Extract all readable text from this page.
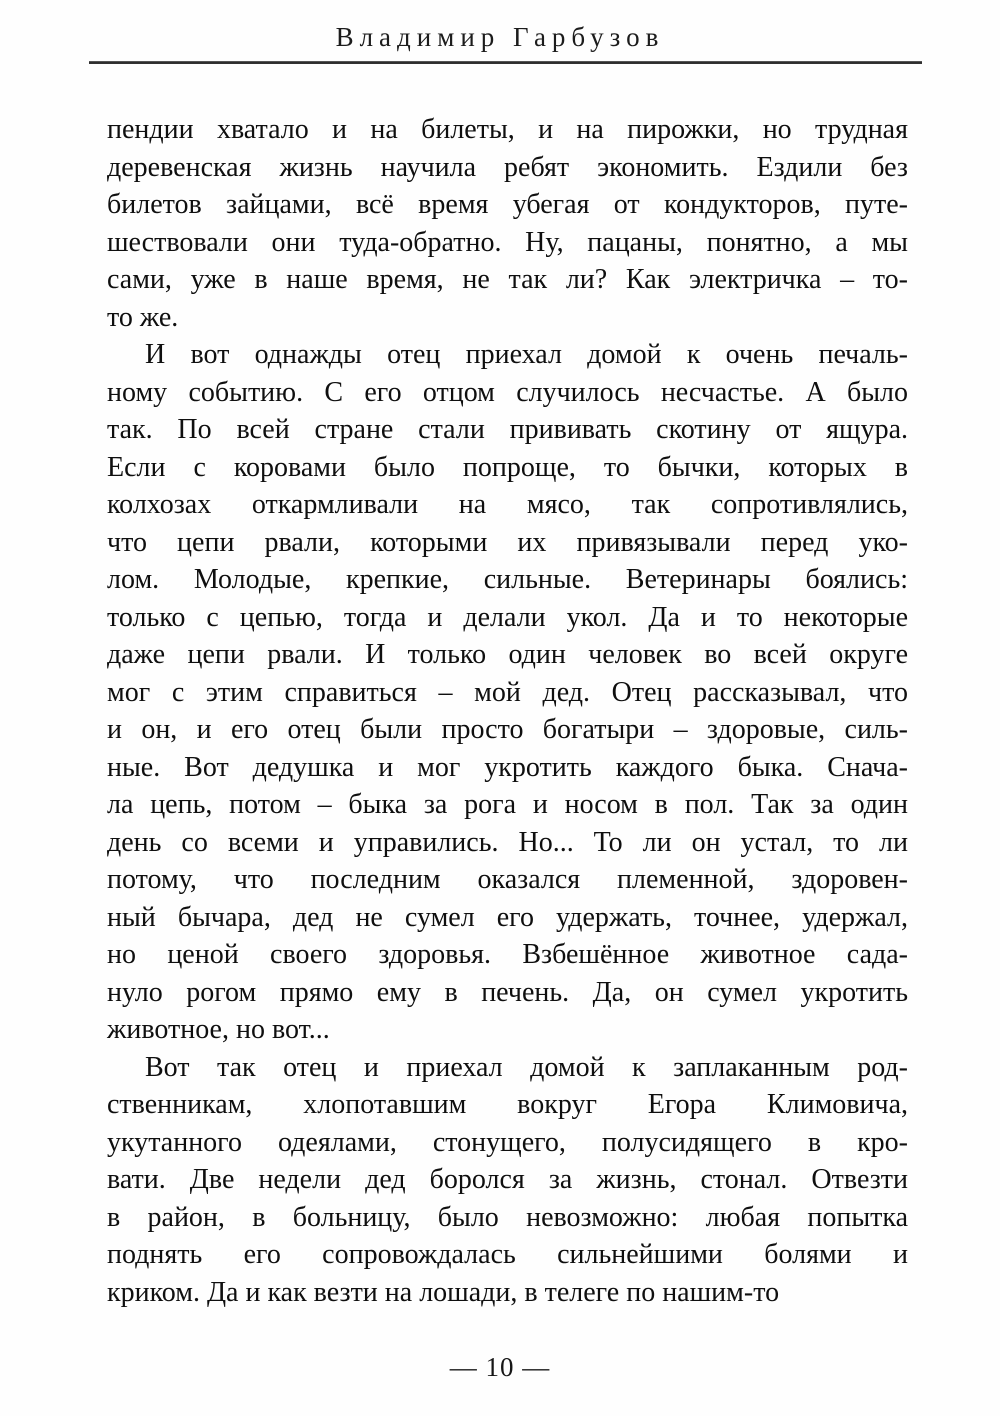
Владимир Гарбузов
пендии хватало и на билеты, и на пирожки, но трудная
деревенская жизнь научила ребят экономить. Ездили без
билетов зайцами, всё время убегая от кондукторов, путе-
шествовали они туда-обратно. Ну, пацаны, понятно, а мы
сами, уже в наше время, не так ли? Как электричка – то-
то же.
И вот однажды отец приехал домой к очень печаль-
ному событию. С его отцом случилось несчастье. А было
так. По всей стране стали прививать скотину от ящура.
Если с коровами было попроще, то бычки, которых в
колхозах откармливали на мясо, так сопротивлялись,
что цепи рвали, которыми их привязывали перед уко-
лом. Молодые, крепкие, сильные. Ветеринары боялись:
только с цепью, тогда и делали укол. Да и то некоторые
даже цепи рвали. И только один человек во всей округе
мог с этим справиться – мой дед. Отец рассказывал, что
и он, и его отец были просто богатыри – здоровые, силь-
ные. Вот дедушка и мог укротить каждого быка. Снача-
ла цепь, потом – быка за рога и носом в пол. Так за один
день со всеми и управились. Но... То ли он устал, то ли
потому, что последним оказался племенной, здоровен-
ный бычара, дед не сумел его удержать, точнее, удержал,
но ценой своего здоровья. Взбешённое животное сада-
нуло рогом прямо ему в печень. Да, он сумел укротить
животное, но вот...
Вот так отец и приехал домой к заплаканным род-
ственникам, хлопотавшим вокруг Егора Климовича,
укутанного одеялами, стонущего, полусидящего в кро-
вати. Две недели дед боролся за жизнь, стонал. Отвезти
в район, в больницу, было невозможно: любая попытка
поднять его сопровождалась сильнейшими болями и
криком. Да и как везти на лошади, в телеге по нашим-то
— 10 —
